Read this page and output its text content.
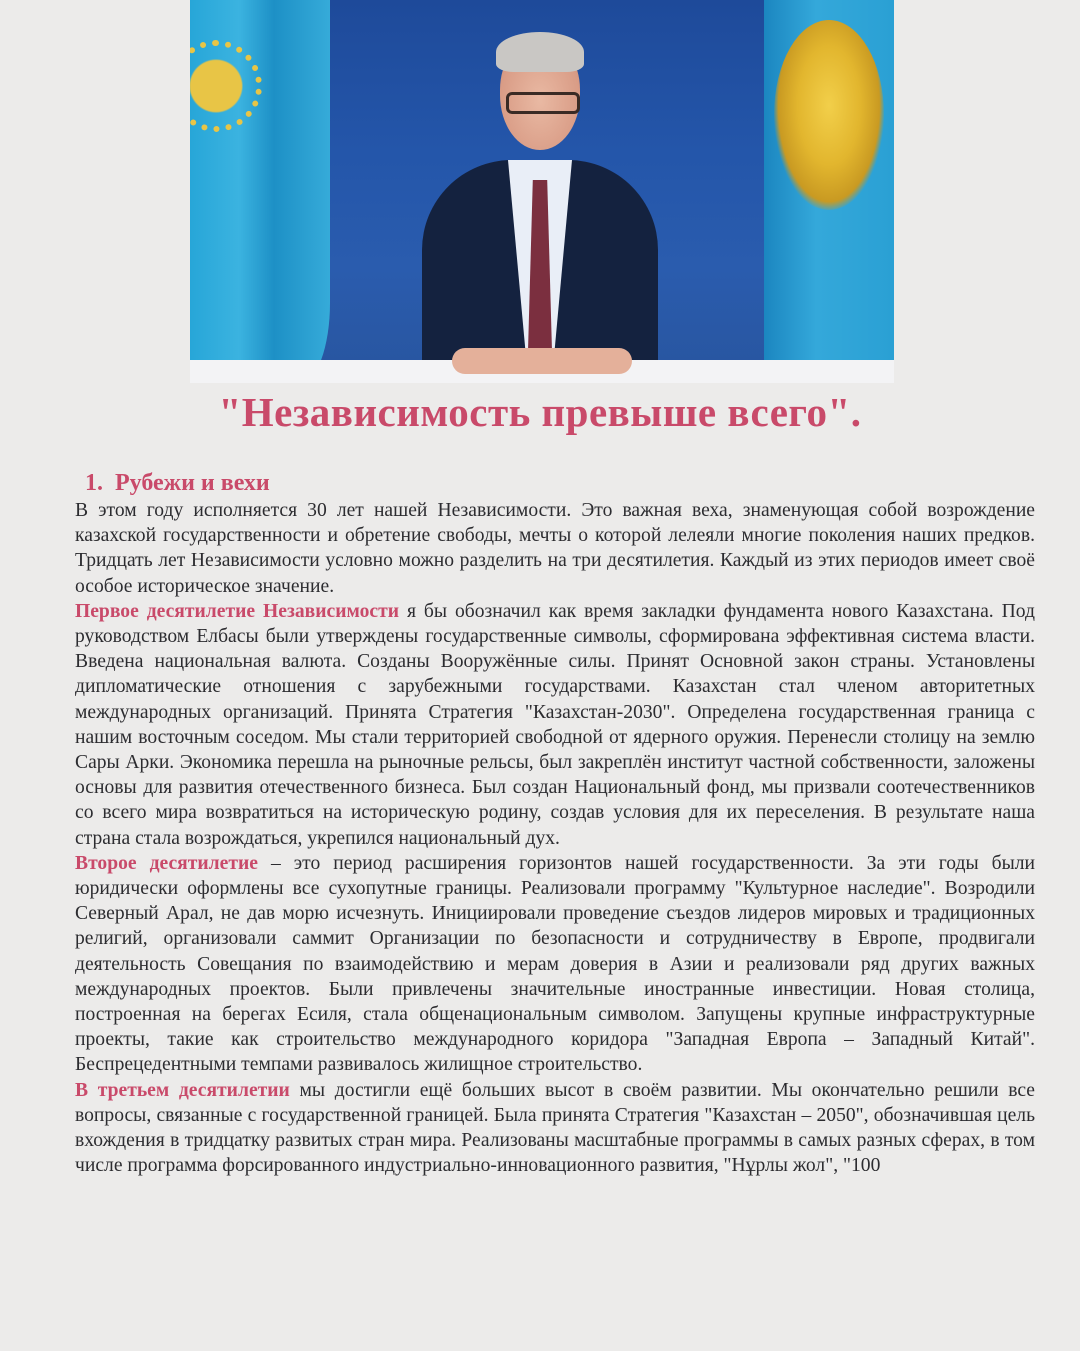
"Независимость превыше всего".
1. Рубежи и вехи

В этом году исполняется 30 лет нашей Независимости. Это важная веха, знаменующая собой возрождение казахской государственности и обретение свободы, мечты о которой лелеяли многие поколения наших предков. Тридцать лет Независимости условно можно разделить на три десятилетия. Каждый из этих периодов имеет своё особое историческое значение.

Первое десятилетие Независимости я бы обозначил как время закладки фундамента нового Казахстана. Под руководством Елбасы были утверждены государственные символы, сформирована эффективная система власти. Введена национальная валюта. Созданы Вооружённые силы. Принят Основной закон страны. Установлены дипломатические отношения с зарубежными государствами. Казахстан стал членом авторитетных международных организаций. Принята Стратегия "Казахстан-2030". Определена государственная граница с нашим восточным соседом. Мы стали территорией свободной от ядерного оружия. Перенесли столицу на землю Сары Арки. Экономика перешла на рыночные рельсы, был закреплён институт частной собственности, заложены основы для развития отечественного бизнеса. Был создан Национальный фонд, мы призвали соотечественников со всего мира возвратиться на историческую родину, создав условия для их переселения. В результате наша страна стала возрождаться, укрепился национальный дух.

Второе десятилетие – это период расширения горизонтов нашей государственности. За эти годы были юридически оформлены все сухопутные границы. Реализовали программу "Культурное наследие". Возродили Северный Арал, не дав морю исчезнуть. Инициировали проведение съездов лидеров мировых и традиционных религий, организовали саммит Организации по безопасности и сотрудничеству в Европе, продвигали деятельность Совещания по взаимодействию и мерам доверия в Азии и реализовали ряд других важных международных проектов. Были привлечены значительные иностранные инвестиции. Новая столица, построенная на берегах Есиля, стала общенациональным символом. Запущены крупные инфраструктурные проекты, такие как строительство международного коридора "Западная Европа – Западный Китай". Беспрецедентными темпами развивалось жилищное строительство.

В третьем десятилетии мы достигли ещё больших высот в своём развитии. Мы окончательно решили все вопросы, связанные с государственной границей. Была принята Стратегия "Казахстан – 2050", обозначившая цель вхождения в тридцатку развитых стран мира. Реализованы масштабные программы в самых разных сферах, в том числе программа форсированного индустриально-инновационного развития, "Нұрлы жол", "100
